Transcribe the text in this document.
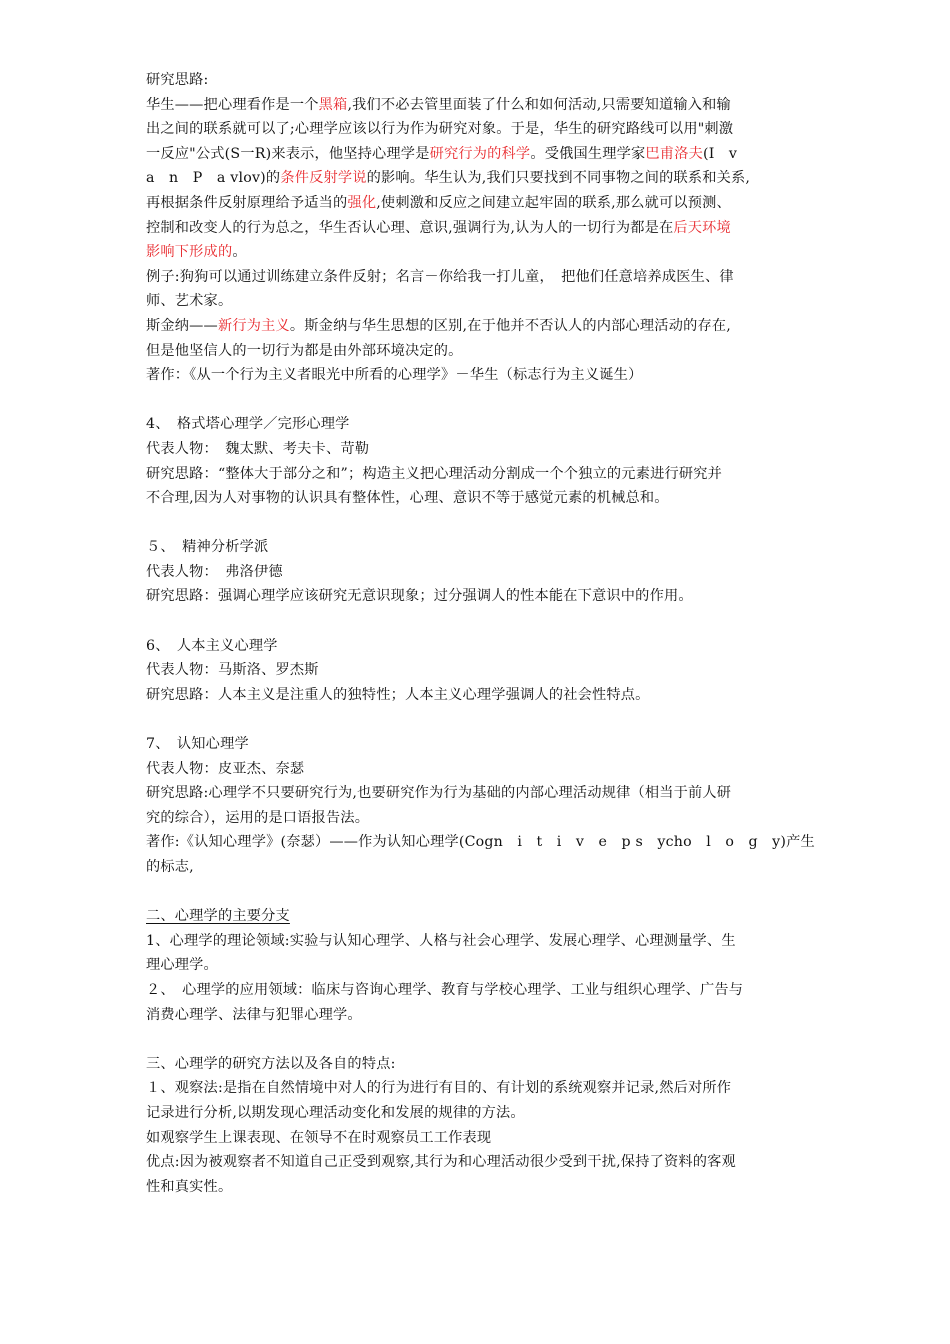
研究思路:
华生——把心理看作是一个黑箱,我们不必去管里面装了什么和如何活动,只需要知道输入和输
出之间的联系就可以了;心理学应该以行为作为研究对象。于是，华生的研究路线可以用"刺激
一反应"公式(S一R)来表示，他坚持心理学是研究行为的科学。受俄国生理学家巴甫洛夫(I　v
a　n　P　a vlov)的条件反射学说的影响。华生认为,我们只要找到不同事物之间的联系和关系,
再根据条件反射原理给予适当的强化,使刺激和反应之间建立起牢固的联系,那么就可以预测、
控制和改变人的行为总之，华生否认心理、意识,强调行为,认为人的一切行为都是在后天环境
影响下形成的。
例子:狗狗可以通过训练建立条件反射；名言－你给我一打儿童，　把他们任意培养成医生、律
师、艺术家。
斯金纳——新行为主义。斯金纳与华生思想的区别,在于他并不否认人的内部心理活动的存在,
但是他坚信人的一切行为都是由外部环境决定的。
著作：《从一个行为主义者眼光中所看的心理学》－华生（标志行为主义诞生）
4、　格式塔心理学／完形心理学
代表人物：　魏太默、考夫卡、苛勒
研究思路：“整体大于部分之和”；构造主义把心理活动分割成一个个独立的元素进行研究并
不合理,因为人对事物的认识具有整体性，心理、意识不等于感觉元素的机械总和。
５、　精神分析学派
代表人物：　弗洛伊德
研究思路：强调心理学应该研究无意识现象；过分强调人的性本能在下意识中的作用。
6、　人本主义心理学
代表人物：马斯洛、罗杰斯
研究思路：人本主义是注重人的独特性；人本主义心理学强调人的社会性特点。
7、　认知心理学
代表人物：皮亚杰、奈瑟
研究思路:心理学不只要研究行为,也要研究作为行为基础的内部心理活动规律（相当于前人研
究的综合），运用的是口语报告法。
著作:《认知心理学》(奈瑟）——作为认知心理学(Cogn　i　t　i　v　e　p s　ycho　l　o　g　y)产生
的标志,
二、心理学的主要分支
1、心理学的理论领域:实验与认知心理学、人格与社会心理学、发展心理学、心理测量学、生
理心理学。
２、　心理学的应用领域：临床与咨询心理学、教育与学校心理学、工业与组织心理学、广告与
消费心理学、法律与犯罪心理学。
三、心理学的研究方法以及各自的特点:
１、观察法:是指在自然情境中对人的行为进行有目的、有计划的系统观察并记录,然后对所作
记录进行分析,以期发现心理活动变化和发展的规律的方法。
如观察学生上课表现、在领导不在时观察员工工作表现
优点:因为被观察者不知道自己正受到观察,其行为和心理活动很少受到干扰,保持了资料的客观
性和真实性。
